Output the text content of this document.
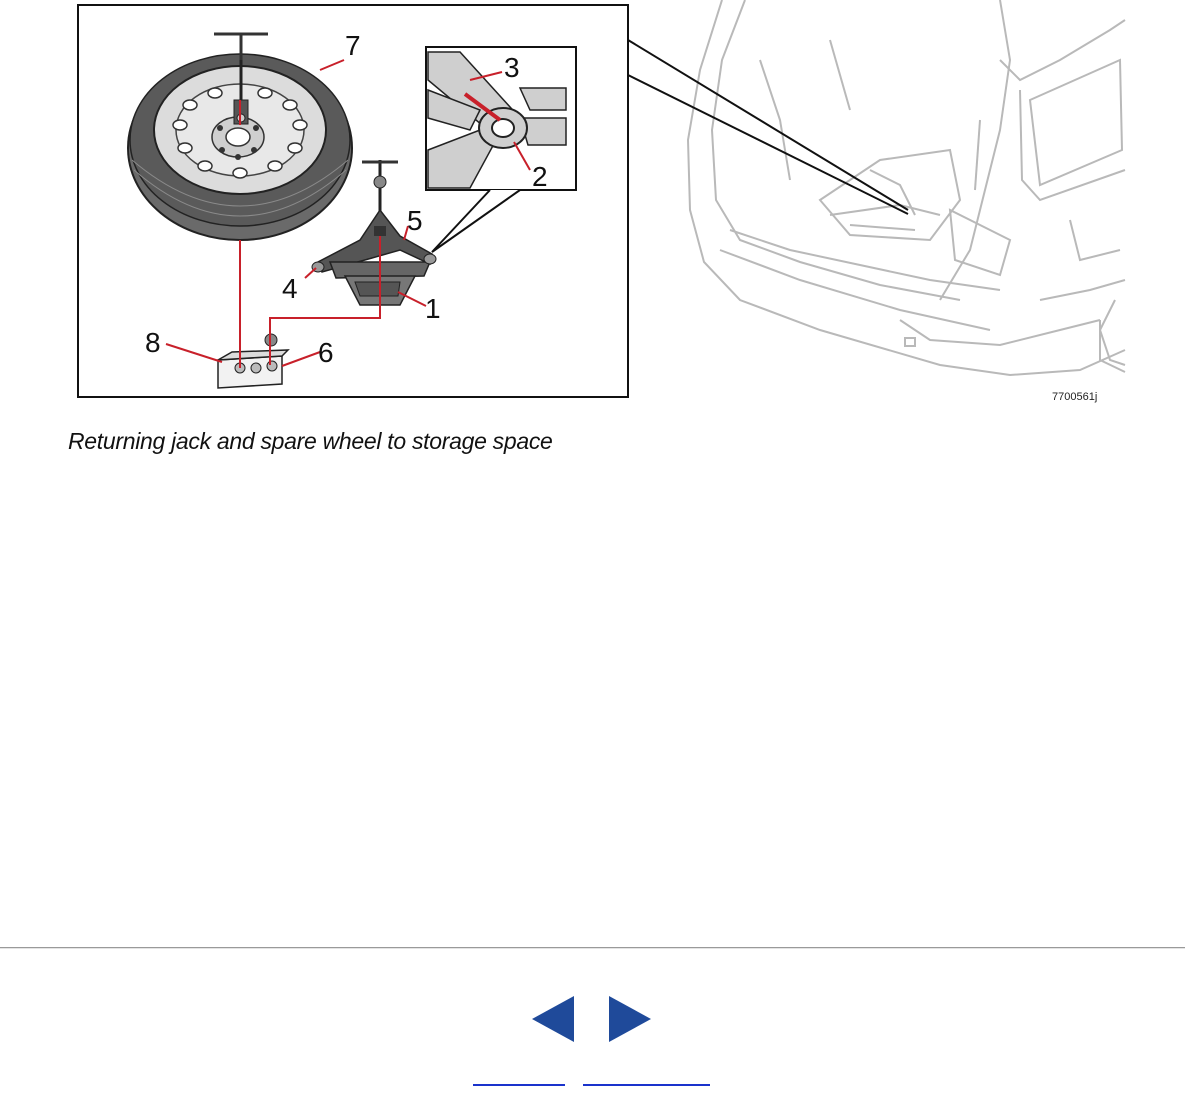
1
2
3
4
5
6
7
8
7700561j

Returning jack and spare wheel to storage space
